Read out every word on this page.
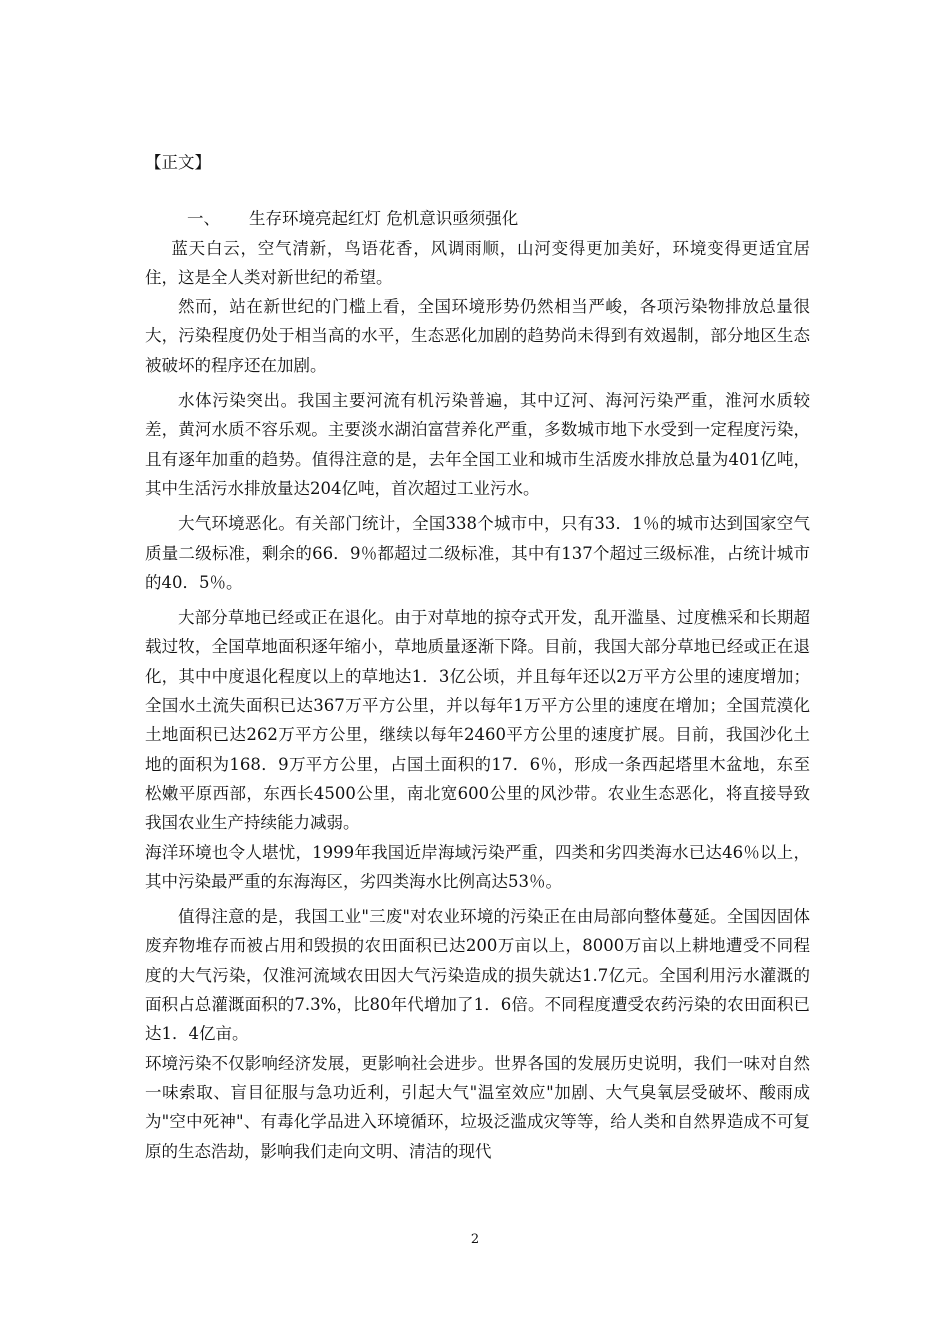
【正文】

一、 生存环境亮起红灯 危机意识亟须强化

蓝天白云，空气清新，鸟语花香，风调雨顺，山河变得更加美好，环境变得更适宜居住，这是全人类对新世纪的希望。

然而，站在新世纪的门槛上看，全国环境形势仍然相当严峻，各项污染物排放总量很大，污染程度仍处于相当高的水平，生态恶化加剧的趋势尚未得到有效遏制，部分地区生态被破坏的程序还在加剧。

水体污染突出。我国主要河流有机污染普遍，其中辽河、海河污染严重，淮河水质较差，黄河水质不容乐观。主要淡水湖泊富营养化严重，多数城市地下水受到一定程度污染，且有逐年加重的趋势。值得注意的是，去年全国工业和城市生活废水排放总量为401亿吨，其中生活污水排放量达204亿吨，首次超过工业污水。

大气环境恶化。有关部门统计，全国338个城市中，只有33．1％的城市达到国家空气质量二级标准，剩余的66．9％都超过二级标准，其中有137个超过三级标准，占统计城市的40．5％。

大部分草地已经或正在退化。由于对草地的掠夺式开发，乱开滥垦、过度樵采和长期超载过牧，全国草地面积逐年缩小，草地质量逐渐下降。目前，我国大部分草地已经或正在退化，其中中度退化程度以上的草地达1．3亿公顷，并且每年还以2万平方公里的速度增加；全国水土流失面积已达367万平方公里，并以每年1万平方公里的速度在增加；全国荒漠化土地面积已达262万平方公里，继续以每年2460平方公里的速度扩展。目前，我国沙化土地的面积为168．9万平方公里，占国土面积的17．6％，形成一条西起塔里木盆地，东至松嫩平原西部，东西长4500公里，南北宽600公里的风沙带。农业生态恶化，将直接导致我国农业生产持续能力减弱。

海洋环境也令人堪忧，1999年我国近岸海域污染严重，四类和劣四类海水已达46％以上，其中污染最严重的东海海区，劣四类海水比例高达53％。

值得注意的是，我国工业"三废"对农业环境的污染正在由局部向整体蔓延。全国因固体废弃物堆存而被占用和毁损的农田面积已达200万亩以上，8000万亩以上耕地遭受不同程度的大气污染，仅淮河流域农田因大气污染造成的损失就达1.7亿元。全国利用污水灌溉的面积占总灌溉面积的7.3%，比80年代增加了1．6倍。不同程度遭受农药污染的农田面积已达1．4亿亩。

环境污染不仅影响经济发展，更影响社会进步。世界各国的发展历史说明，我们一味对自然一味索取、盲目征服与急功近利，引起大气"温室效应"加剧、大气臭氧层受破坏、酸雨成为"空中死神"、有毒化学品进入环境循环，垃圾泛滥成灾等等，给人类和自然界造成不可复原的生态浩劫，影响我们走向文明、清洁的现代

2
